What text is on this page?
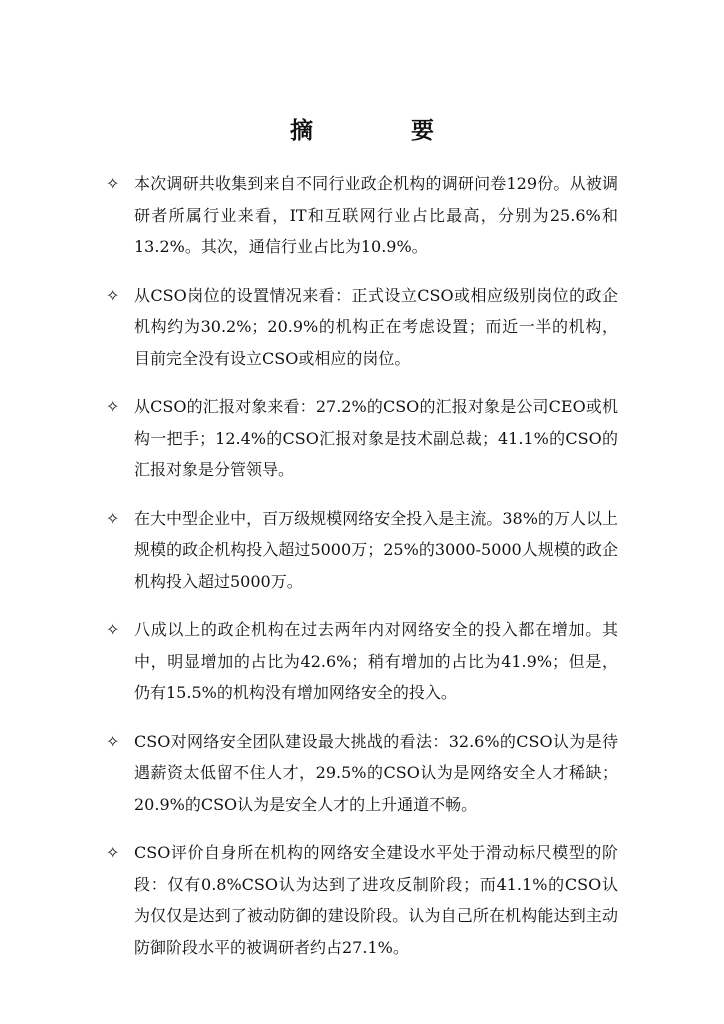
摘 要
✧ 本次调研共收集到来自不同行业政企机构的调研问卷129份。从被调研者所属行业来看，IT和互联网行业占比最高，分别为25.6%和13.2%。其次，通信行业占比为10.9%。
✧ 从CSO岗位的设置情况来看：正式设立CSO或相应级别岗位的政企机构约为30.2%；20.9%的机构正在考虑设置；而近一半的机构，目前完全没有设立CSO或相应的岗位。
✧ 从CSO的汇报对象来看：27.2%的CSO的汇报对象是公司CEO或机构一把手；12.4%的CSO汇报对象是技术副总裁；41.1%的CSO的汇报对象是分管领导。
✧ 在大中型企业中，百万级规模网络安全投入是主流。38%的万人以上规模的政企机构投入超过5000万；25%的3000-5000人规模的政企机构投入超过5000万。
✧ 八成以上的政企机构在过去两年内对网络安全的投入都在增加。其中，明显增加的占比为42.6%；稍有增加的占比为41.9%；但是，仍有15.5%的机构没有增加网络安全的投入。
✧ CSO对网络安全团队建设最大挑战的看法：32.6%的CSO认为是待遇薪资太低留不住人才，29.5%的CSO认为是网络安全人才稀缺；20.9%的CSO认为是安全人才的上升通道不畅。
✧ CSO评价自身所在机构的网络安全建设水平处于滑动标尺模型的阶段：仅有0.8%CSO认为达到了进攻反制阶段；而41.1%的CSO认为仅仅是达到了被动防御的建设阶段。认为自己所在机构能达到主动防御阶段水平的被调研者约占27.1%。
